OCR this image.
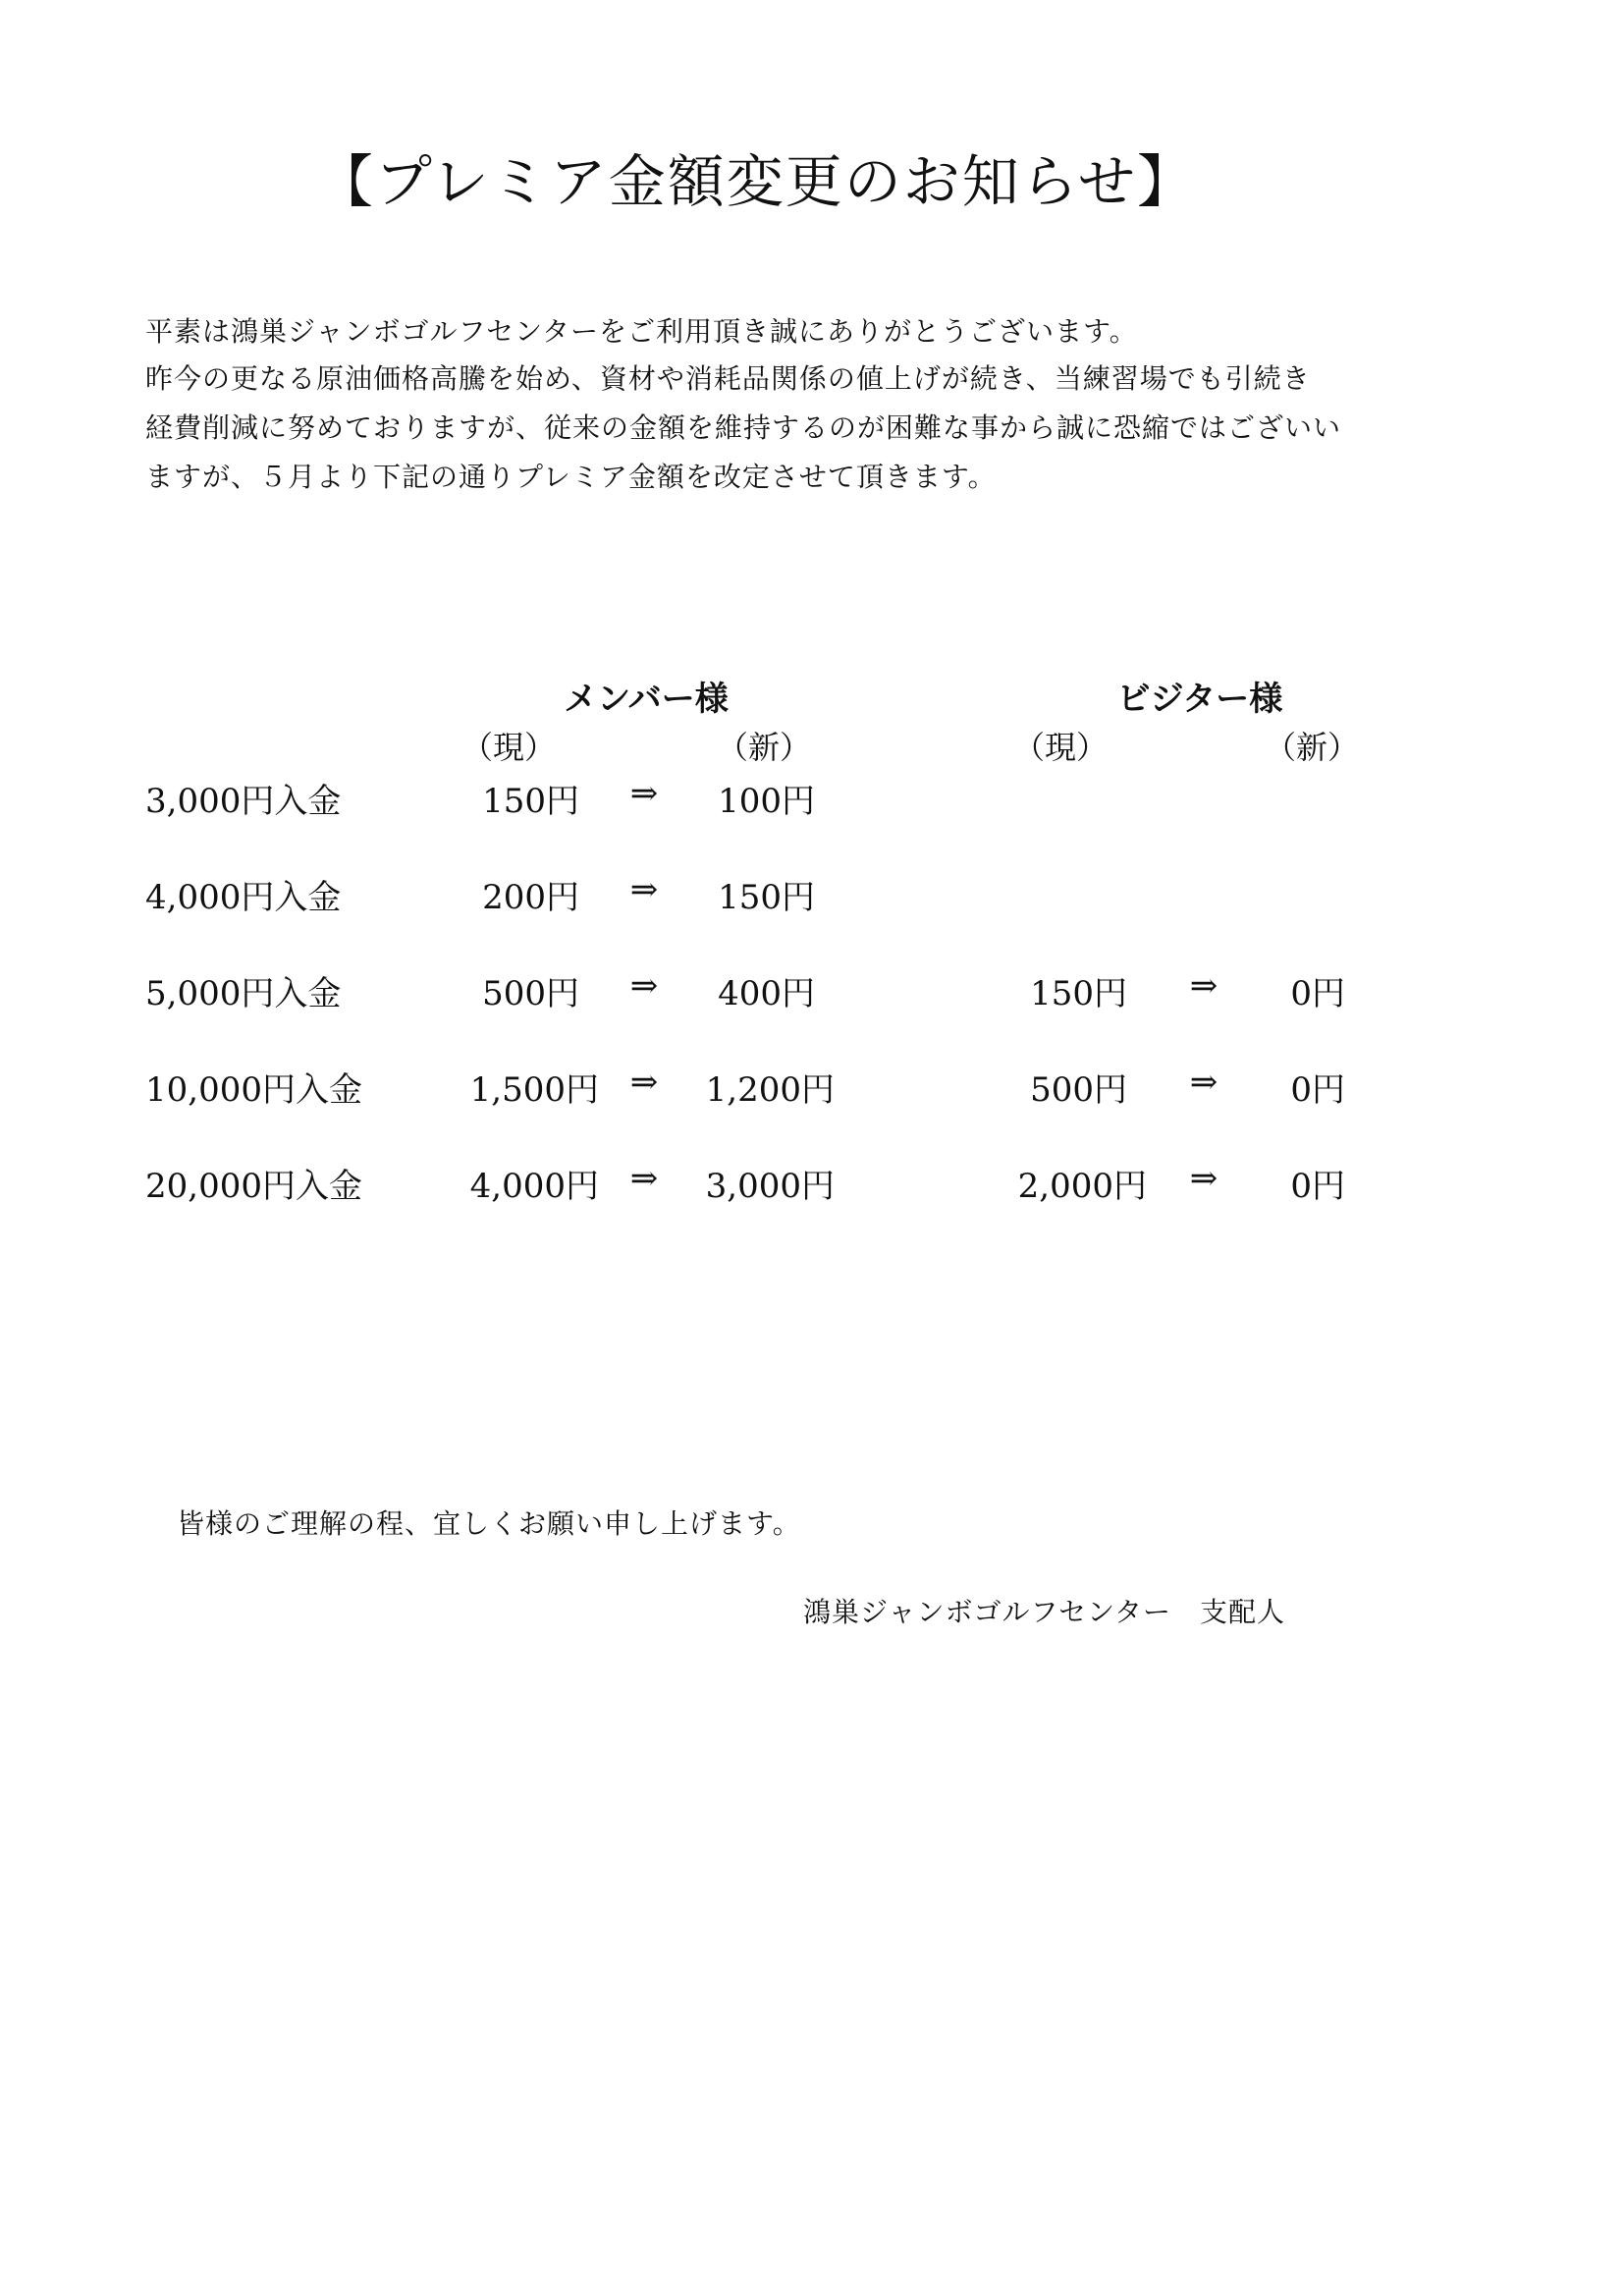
【プレミア金額変更のお知らせ】
平素は鴻巣ジャンボゴルフセンターをご利用頂き誠にありがとうございます。
昨今の更なる原油価格高騰を始め、資材や消耗品関係の値上げが続き、当練習場でも引続き
経費削減に努めておりますが、従来の金額を維持するのが困難な事から誠に恐縮ではございい
ますが、５月より下記の通りプレミア金額を改定させて頂きます。
メンバー様	ビジター様
（現）	（新）	（現）	（新）
3,000円入金	150円	⇒	100円
4,000円入金	200円	⇒	150円
5,000円入金	500円	⇒	400円	150円	⇒	0円
10,000円入金	1,500円 ⇒	1,200円	500円	⇒	0円
20,000円入金	4,000円 ⇒	3,000円	2,000円	⇒	0円
皆様のご理解の程、宜しくお願い申し上げます。
鴻巣ジャンボゴルフセンター　支配人
